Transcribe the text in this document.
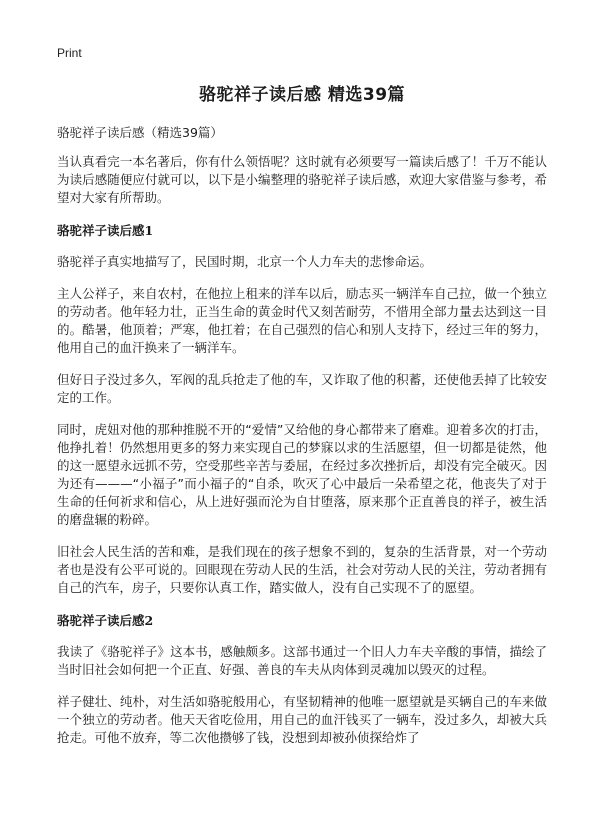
Print
骆驼祥子读后感 精选39篇
骆驼祥子读后感（精选39篇）

当认真看完一本名著后，你有什么领悟呢？这时就有必须要写一篇读后感了！千万不能认为读后感随便应付就可以，以下是小编整理的骆驼祥子读后感，欢迎大家借鉴与参考，希望对大家有所帮助。

骆驼祥子读后感1

骆驼祥子真实地描写了，民国时期，北京一个人力车夫的悲惨命运。

主人公祥子，来自农村，在他拉上租来的洋车以后，励志买一辆洋车自己拉，做一个独立的劳动者。他年轻力壮，正当生命的黄金时代又刻苦耐劳，不惜用全部力量去达到这一目的。酷暑，他顶着；严寒，他扛着；在自己强烈的信心和别人支持下，经过三年的努力，他用自己的血汗换来了一辆洋车。

但好日子没过多久，军阀的乱兵抢走了他的车，又诈取了他的积蓄，还使他丢掉了比较安定的工作。

同时，虎妞对他的那种推脱不开的“爱情”又给他的身心都带来了磨难。迎着多次的打击，他挣扎着！仍然想用更多的努力来实现自己的梦寐以求的生活愿望，但一切都是徒然，他的这一愿望永远抓不劳，空受那些辛苦与委屈，在经过多次挫折后，却没有完全破灭。因为还有———“小福子”而小福子的“自杀，吹灭了心中最后一朵希望之花，他丧失了对于生命的任何祈求和信心，从上进好强而沦为自甘堕落，原来那个正直善良的祥子，被生活的磨盘辗的粉碎。

旧社会人民生活的苦和难，是我们现在的孩子想象不到的，复杂的生活背景，对一个劳动者也是没有公平可说的。回眼现在劳动人民的生活，社会对劳动人民的关注，劳动者拥有自己的汽车，房子，只要你认真工作，踏实做人，没有自己实现不了的愿望。

骆驼祥子读后感2

我读了《骆驼祥子》这本书，感触颇多。这部书通过一个旧人力车夫辛酸的事情，描绘了当时旧社会如何把一个正直、好强、善良的车夫从肉体到灵魂加以毁灭的过程。

祥子健壮、纯朴，对生活如骆驼般用心，有坚韧精神的他唯一愿望就是买辆自己的车来做一个独立的劳动者。他天天省吃俭用，用自己的血汗钱买了一辆车，没过多久，却被大兵抢走。可他不放弃，等二次他攒够了钱，没想到却被孙侦探给炸了
